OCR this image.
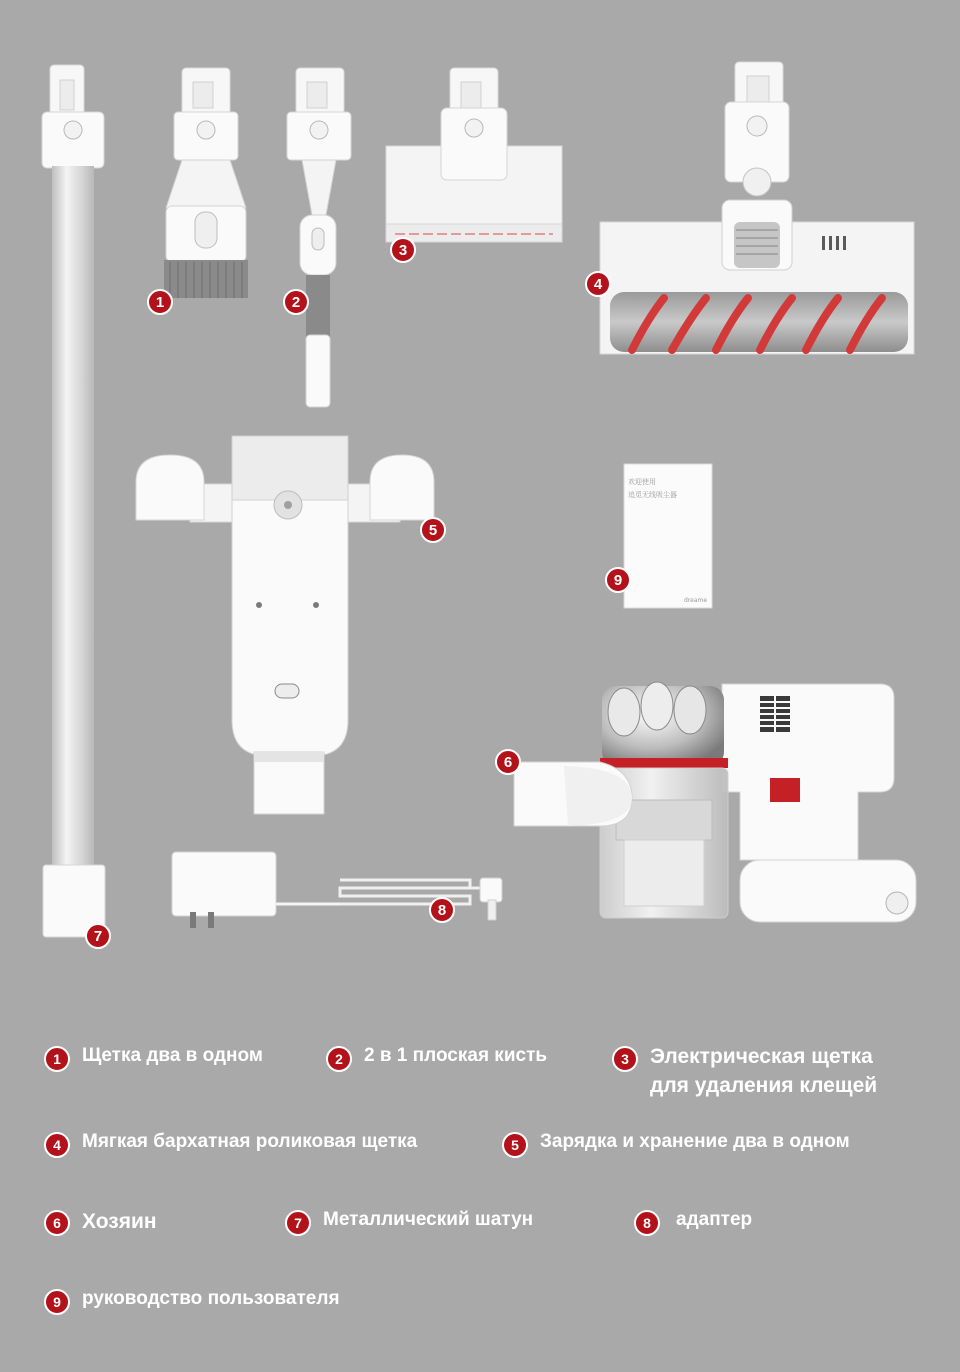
欢迎使用
追觅无线吸尘器
dreame
1	2
3
4
5
6
7
8
9
1	Щетка два в одном	2	2 в 1 плоская кисть	3	Электрическая щетка
для удаления клещей
4	Мягкая бархатная роликовая щетка	5	Зарядка и хранение два в одном
6	Хозяин	7	Металлический шатун	8	адаптер
9	руководство пользователя
